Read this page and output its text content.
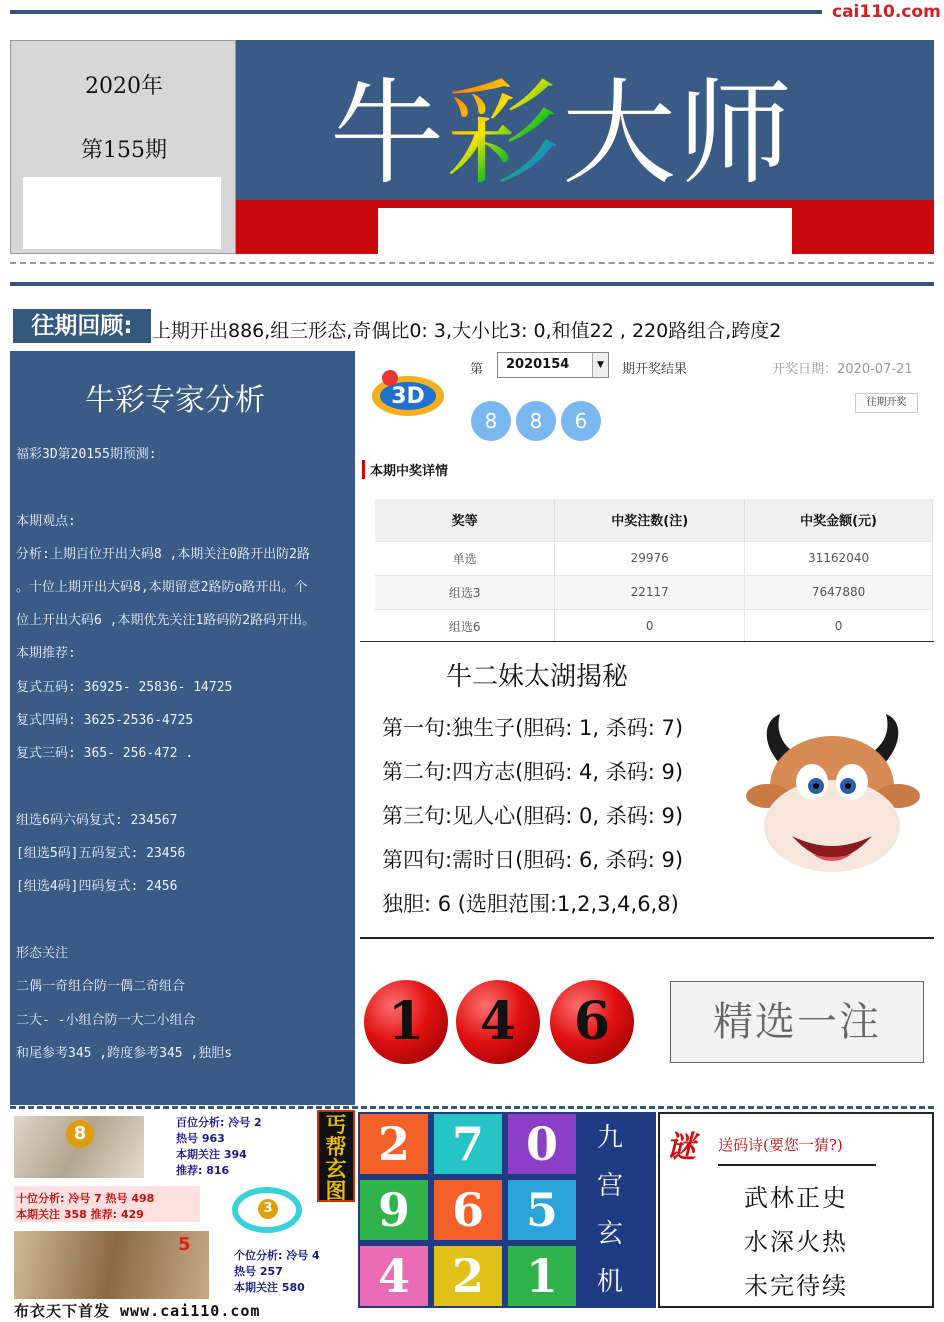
cai110.com
2020年
第155期	牛彩大师
往期回顾:	上期开出886,组三形态,奇偶比0: 3,大小比3: 0,和值22 , 220路组合,跨度2
牛彩专家分析
福彩3D第20155期预测:
本期观点:
分析:上期百位开出大码8 ,本期关注0路开出防2路
。十位上期开出大码8,本期留意2路防o路开出。个
位上开出大码6 ,本期优先关注1路码防2路码开出。
本期推荐:
复式五码: 36925- 25836- 14725
复式四码: 3625-2536-4725
复式三码: 365- 256-472 .
组选6码六码复式: 234567
[组选5码]五码复式: 23456
[组选4码]四码复式: 2456
形态关注
二偶一奇组合防一偶二奇组合
二大- -小组合防一大二小组合
和尾参考345 ,跨度参考345 ,独胆s
3D
第	2020154	▼	期开奖结果	开奖日期：2020-07-21
往期开奖
8	8	6
本期中奖详情
奖等	中奖注数(注)	中奖金额(元)
单选	29976	31162040
组选3	22117	7647880
组选6	0	0
牛二妹太湖揭秘
第一句:独生子(胆码: 1, 杀码: 7)
第二句:四方志(胆码: 4, 杀码: 9)
第三句:见人心(胆码: 0, 杀码: 9)
第四句:需时日(胆码: 6, 杀码: 9)
独胆: 6 (选胆范围:1,2,3,4,6,8)
1	4	6	精选一注
8
百位分析: 冷号 2
热号 963
本期关注 394
推荐: 816
十位分析: 冷号 7 热号 498
本期关注 358 推荐: 429	3
5
个位分析: 冷号 4
热号 257
本期关注 580
丐帮玄图
布衣天下首发 www.cai110.com
2 7 0
9 6 5
4 2 1
九
宫
玄
机
谜	送码诗(要您一猜?)
武林正史
水深火热
未完待续
